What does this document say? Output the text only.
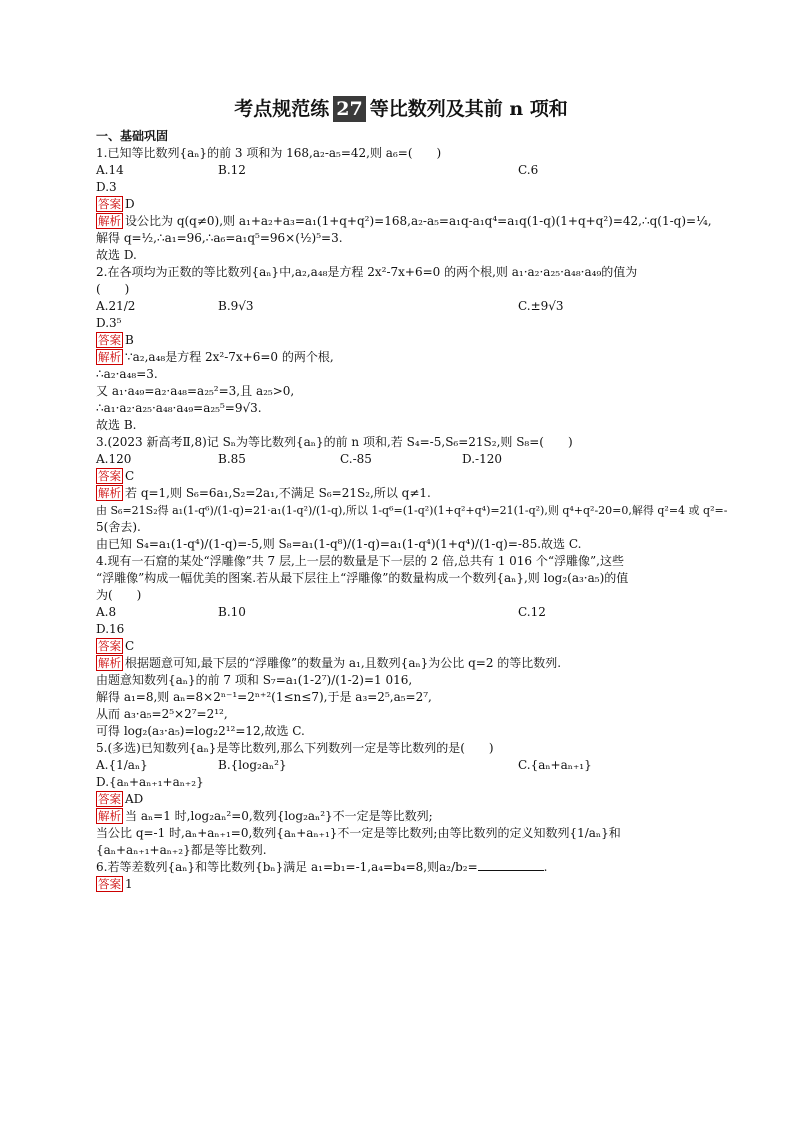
考点规范练 27 等比数列及其前 n 项和
一、基础巩固

1.已知等比数列{aₙ}的前 3 项和为 168,a₂-a₅=42,则 a₆=(　　)

A.14	B.12	C.6
D.3

答案 D

解析 设公比为 q(q≠0),则 a₁+a₂+a₃=a₁(1+q+q²)=168,a₂-a₅=a₁q-a₁q⁴=a₁q(1-q)(1+q+q²)=42,∴q(1-q)=¼,

解得 q=½,∴a₁=96,∴a₆=a₁q⁵=96×(½)⁵=3.

故选 D.

2.在各项均为正数的等比数列{aₙ}中,a₂,a₄₈是方程 2x²-7x+6=0 的两个根,则 a₁·a₂·a₂₅·a₄₈·a₄₉的值为

(　　)

A.21/2	B.9√3	C.±9√3
D.3⁵

答案 B

解析 ∵a₂,a₄₈是方程 2x²-7x+6=0 的两个根,

∴a₂·a₄₈=3.

又 a₁·a₄₉=a₂·a₄₈=a₂₅²=3,且 a₂₅>0,

∴a₁·a₂·a₂₅·a₄₈·a₄₉=a₂₅⁵=9√3.

故选 B.

3.(2023 新高考Ⅱ,8)记 Sₙ为等比数列{aₙ}的前 n 项和,若 S₄=-5,S₆=21S₂,则 S₈=(　　)

A.120	B.85	C.-85	D.-120

答案 C

解析 若 q=1,则 S₆=6a₁,S₂=2a₁,不满足 S₆=21S₂,所以 q≠1.

由 S₆=21S₂得 a₁(1-q⁶)/(1-q)=21·a₁(1-q²)/(1-q),所以 1-q⁶=(1-q²)(1+q²+q⁴)=21(1-q²),则 q⁴+q²-20=0,解得 q²=4 或 q²=-

5(舍去).

由已知 S₄=a₁(1-q⁴)/(1-q)=-5,则 S₈=a₁(1-q⁸)/(1-q)=a₁(1-q⁴)(1+q⁴)/(1-q)=-85.故选 C.

4.现有一石窟的某处“浮雕像”共 7 层,上一层的数量是下一层的 2 倍,总共有 1 016 个“浮雕像”,这些

“浮雕像”构成一幅优美的图案.若从最下层往上“浮雕像”的数量构成一个数列{aₙ},则 log₂(a₃·a₅)的值

为(　　)

A.8	B.10	C.12
D.16

答案 C

解析 根据题意可知,最下层的“浮雕像”的数量为 a₁,且数列{aₙ}为公比 q=2 的等比数列.

由题意知数列{aₙ}的前 7 项和 S₇=a₁(1-2⁷)/(1-2)=1 016,

解得 a₁=8,则 aₙ=8×2ⁿ⁻¹=2ⁿ⁺²(1≤n≤7),于是 a₃=2⁵,a₅=2⁷,

从而 a₃·a₅=2⁵×2⁷=2¹²,

可得 log₂(a₃·a₅)=log₂2¹²=12,故选 C.

5.(多选)已知数列{aₙ}是等比数列,那么下列数列一定是等比数列的是(　　)

A.{1/aₙ}	B.{log₂aₙ²}	C.{aₙ+aₙ₊₁}
D.{aₙ+aₙ₊₁+aₙ₊₂}

答案 AD

解析 当 aₙ=1 时,log₂aₙ²=0,数列{log₂aₙ²}不一定是等比数列;

当公比 q=-1 时,aₙ+aₙ₊₁=0,数列{aₙ+aₙ₊₁}不一定是等比数列;由等比数列的定义知数列{1/aₙ}和

{aₙ+aₙ₊₁+aₙ₊₂}都是等比数列.

6.若等差数列{aₙ}和等比数列{bₙ}满足 a₁=b₁=-1,a₄=b₄=8,则a₂/b₂=	.

答案 1
